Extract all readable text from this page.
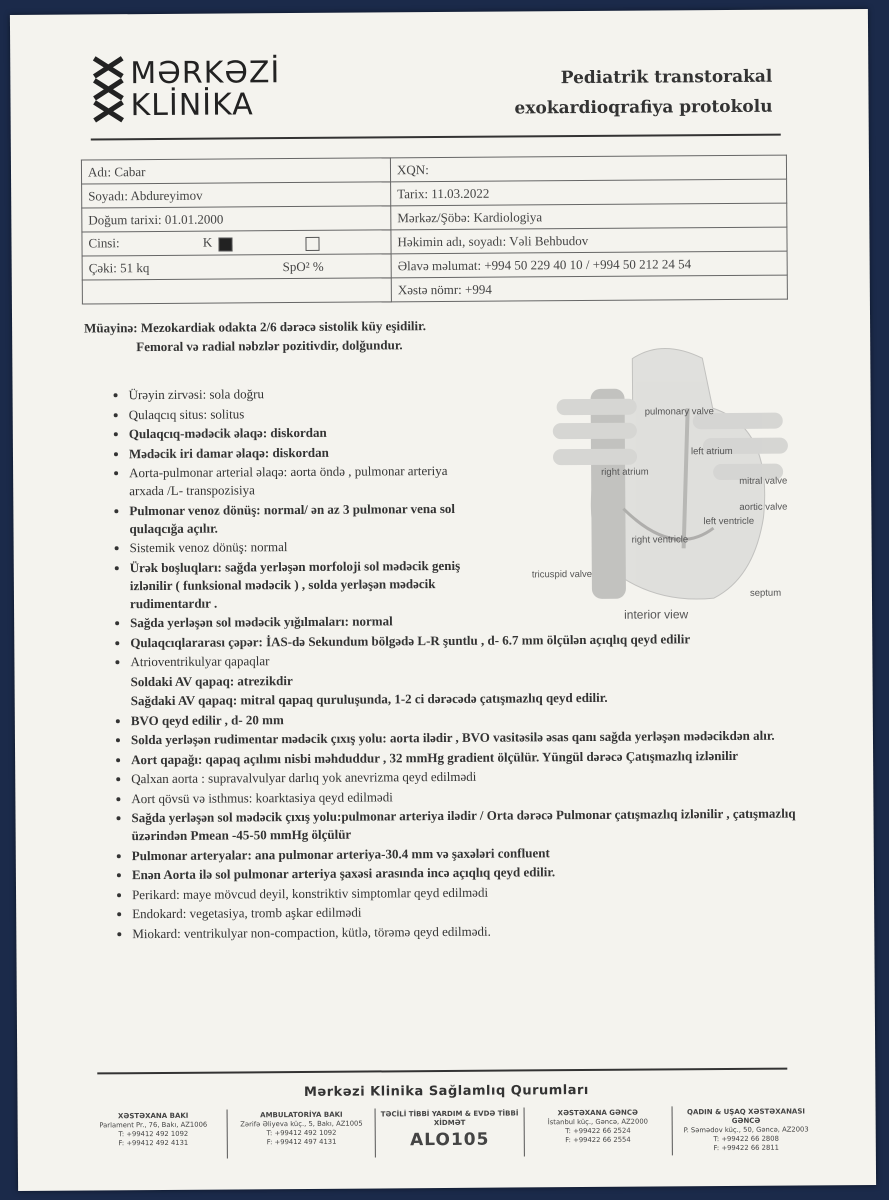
MƏRKƏZİ
KLİNİKA
Pediatrik transtorakal
exokardioqrafiya protokolu
Adı: Cabar	XQN:
Soyadı: Abdureyimov	Tarix: 11.03.2022
Doğum tarixi: 01.01.2000	Mərkəz/Şöbə: Kardiologiya
Cinsi: K	Həkimin adı, soyadı: Vəli Behbudov
Çəki: 51 kq SpO² %	Əlavə məlumat: +994 50 229 40 10 / +994 50 212 24 54
	Xəstə nömr: +994
Müayinə: Mezokardiak odakta 2/6 dərəcə sistolik küy eşidilir.
Femoral və radial nəbzlər pozitivdir, dolğundur.
• Ürəyin zirvəsi: sola doğru
• Qulaqcıq situs: solitus
• Qulaqcıq-mədəcik əlaqə: diskordan
• Mədəcik iri damar əlaqə: diskordan
• Aorta-pulmonar arterial əlaqə: aorta öndə , pulmonar arteriya arxada /L- transpozisiya
• Pulmonar venoz dönüş: normal/ ən az 3 pulmonar vena sol qulaqcığa açılır.
• Sistemik venoz dönüş: normal
• Ürək boşluqları: sağda yerləşən morfoloji sol mədəcik geniş izlənilir ( funksional mədəcik ) , solda yerləşən mədəcik rudimentardır .
• Sağda yerləşən sol mədəcik yığılmaları: normal
• Qulaqcıqlararası çəpər: İAS-də Sekundum bölgədə L-R şuntlu , d- 6.7 mm ölçülən açıqlıq qeyd edilir
• Atrioventrikulyar qapaqlar
Soldaki AV qapaq: atrezikdir
Sağdaki AV qapaq: mitral qapaq quruluşunda, 1-2 ci dərəcədə çatışmazlıq qeyd edilir.
• BVO qeyd edilir , d- 20 mm
• Solda yerləşən rudimentar mədəcik çıxış yolu: aorta ilədir , BVO vasitəsilə əsas qanı sağda yerləşən mədəcikdən alır.
• Aort qapağı: qapaq açılımı nisbi məhduddur , 32 mmHg gradient ölçülür. Yüngül dərəcə Çatışmazlıq izlənilir
• Qalxan aorta : supravalvulyar darlıq yok anevrizma qeyd edilmədi
• Aort qövsü və isthmus: koarktasiya qeyd edilmədi
• Sağda yerləşən sol mədəcik çıxış yolu:pulmonar arteriya ilədir / Orta dərəcə Pulmonar çatışmazlıq izlənilir , çatışmazlıq üzərindən Pmean -45-50 mmHg ölçülür
• Pulmonar arteryalar: ana pulmonar arteriya-30.4 mm və şaxələri confluent
• Enən Aorta ilə sol pulmonar arteriya şaxəsi arasında incə açıqlıq qeyd edilir.
• Perikard: maye mövcud deyil, konstriktiv simptomlar qeyd edilmədi
• Endokard: vegetasiya, tromb aşkar edilmədi
• Miokard: ventrikulyar non-compaction, kütlə, törəmə qeyd edilmədi.
pulmonary valve
left atrium
right atrium
mitral valve
aortic valve
left ventricle
right ventricle
tricuspid valve
septum
interior view
Mərkəzi Klinika Sağlamlıq Qurumları
XƏSTƏXANA BAKI
Parlament Pr., 76, Bakı, AZ1006
T: +99412 492 1092
F: +99412 492 4131
AMBULATORİYA BAKI
Zərifə Əliyeva küç., 5, Bakı, AZ1005
T: +99412 492 1092
F: +99412 497 4131
TƏCİLİ TİBBİ YARDIM & EVDƏ TİBBİ XİDMƏT
ALO105
XƏSTƏXANA GƏNCƏ
İstanbul küç., Gəncə, AZ2000
T: +99422 66 2524
F: +99422 66 2554
QADIN & UŞAQ XƏSTƏXANASI GƏNCƏ
P. Səmədov küç., 50, Gəncə, AZ2003
T: +99422 66 2808
F: +99422 66 2811
